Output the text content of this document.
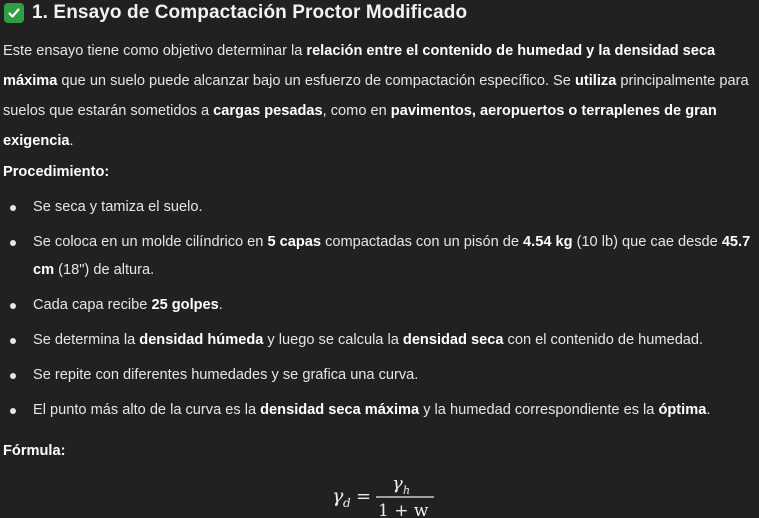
1. Ensayo de Compactación Proctor Modificado

Este ensayo tiene como objetivo determinar la relación entre el contenido de humedad y la densidad seca máxima que un suelo puede alcanzar bajo un esfuerzo de compactación específico. Se utiliza principalmente para suelos que estarán sometidos a cargas pesadas, como en pavimentos, aeropuertos o terraplenes de gran exigencia.

Procedimiento:
Se seca y tamiza el suelo.
Se coloca en un molde cilíndrico en 5 capas compactadas con un pisón de 4.54 kg (10 lb) que cae desde 45.7 cm (18") de altura.
Cada capa recibe 25 golpes.
Se determina la densidad húmeda y luego se calcula la densidad seca con el contenido de humedad.
Se repite con diferentes humedades y se grafica una curva.
El punto más alto de la curva es la densidad seca máxima y la humedad correspondiente es la óptima.
Fórmula:
γ d =
γ h
1 + w
